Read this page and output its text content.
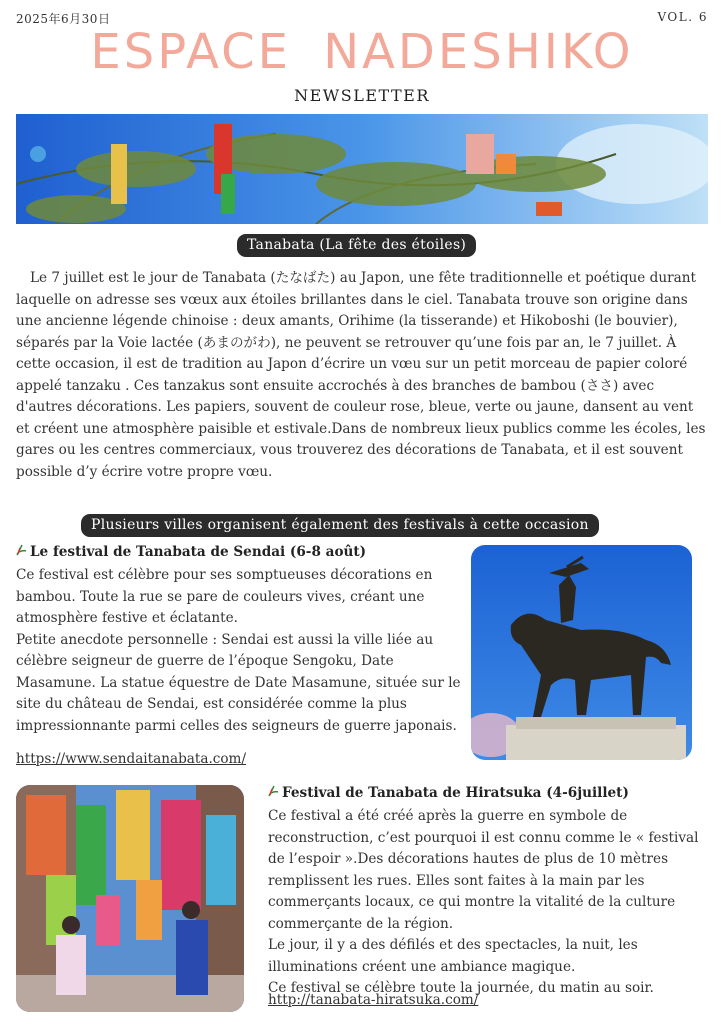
2025年6月30日	VOL. 6
ESPACE NADESHIKO
NEWSLETTER
Tanabata (La fête des étoiles)
Le 7 juillet est le jour de Tanabata (たなばた) au Japon, une fête traditionnelle et poétique durant laquelle on adresse ses vœux aux étoiles brillantes dans le ciel. Tanabata trouve son origine dans une ancienne légende chinoise : deux amants, Orihime (la tisserande) et Hikoboshi (le bouvier), séparés par la Voie lactée (あまのがわ), ne peuvent se retrouver qu’une fois par an, le 7 juillet. À cette occasion, il est de tradition au Japon d’écrire un vœu sur un petit morceau de papier coloré appelé tanzaku . Ces tanzakus sont ensuite accrochés à des branches de bambou (ささ) avec d'autres décorations. Les papiers, souvent de couleur rose, bleue, verte ou jaune, dansent au vent et créent une atmosphère paisible et estivale.Dans de nombreux lieux publics comme les écoles, les gares ou les centres commerciaux, vous trouverez des décorations de Tanabata, et il est souvent possible d’y écrire votre propre vœu.
Plusieurs villes organisent également des festivals à cette occasion
Le festival de Tanabata de Sendai (6-8 août)
Ce festival est célèbre pour ses somptueuses décorations en bambou. Toute la rue se pare de couleurs vives, créant une atmosphère festive et éclatante.
Petite anecdote personnelle : Sendai est aussi la ville liée au célèbre seigneur de guerre de l’époque Sengoku, Date Masamune. La statue équestre de Date Masamune, située sur le site du château de Sendai, est considérée comme la plus impressionnante parmi celles des seigneurs de guerre japonais.
https://www.sendaitanabata.com/
Festival de Tanabata de Hiratsuka (4-6juillet)
Ce festival a été créé après la guerre en symbole de reconstruction, c’est pourquoi il est connu comme le « festival de l’espoir ».Des décorations hautes de plus de 10 mètres remplissent les rues. Elles sont faites à la main par les commerçants locaux, ce qui montre la vitalité de la culture commerçante de la région.
Le jour, il y a des défilés et des spectacles, la nuit, les illuminations créent une ambiance magique.
Ce festival se célèbre toute la journée, du matin au soir.
http://tanabata-hiratsuka.com/
